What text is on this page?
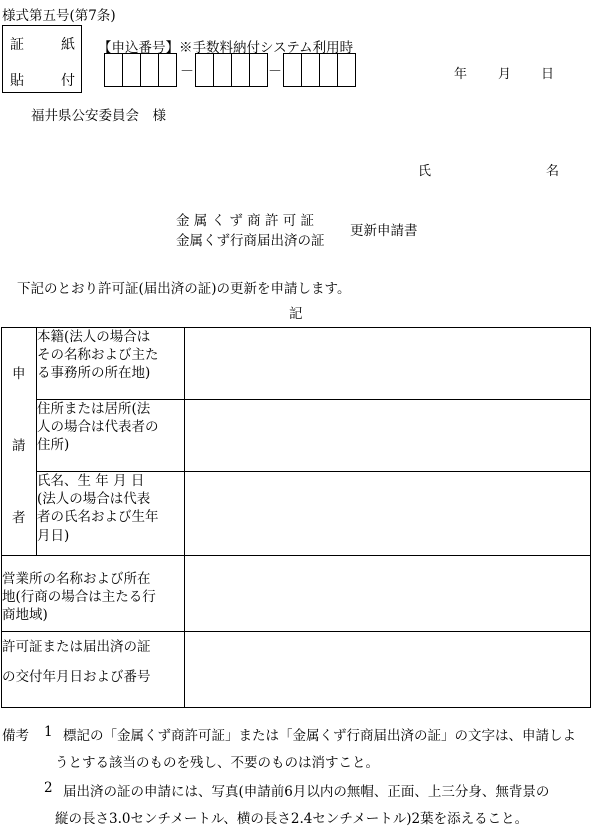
様式第五号(第7条)
証	紙
貼	付
【申込番号】※手数料納付システム利用時
－	－	年 月 日
福井県公安委員会　様
氏	名
金 属 く ず 商 許 可 証
金属くず行商届出済の証
更新申請書
下記のとおり許可証(届出済の証)の更新を申請します。
記
申
請
者	本籍(法人の場合は
その名称および主た
る事務所の所在地)	
	住所または居所(法
人の場合は代表者の
住所)	
	氏名、生 年 月 日
(法人の場合は代表
者の氏名および生年
月日)	
営業所の名称および所在
地(行商の場合は主たる行
商地域)		

許可証または届出済の証
の交付年月日および番号		

備考 1 標記の「金属くず商許可証」または「金属くず行商届出済の証」の文字は、申請しよ
うとする該当のものを残し、不要のものは消すこと。
2 届出済の証の申請には、写真(申請前6月以内の無帽、正面、上三分身、無背景の
縦の長さ3.0センチメートル、横の長さ2.4センチメートル)2葉を添えること。
